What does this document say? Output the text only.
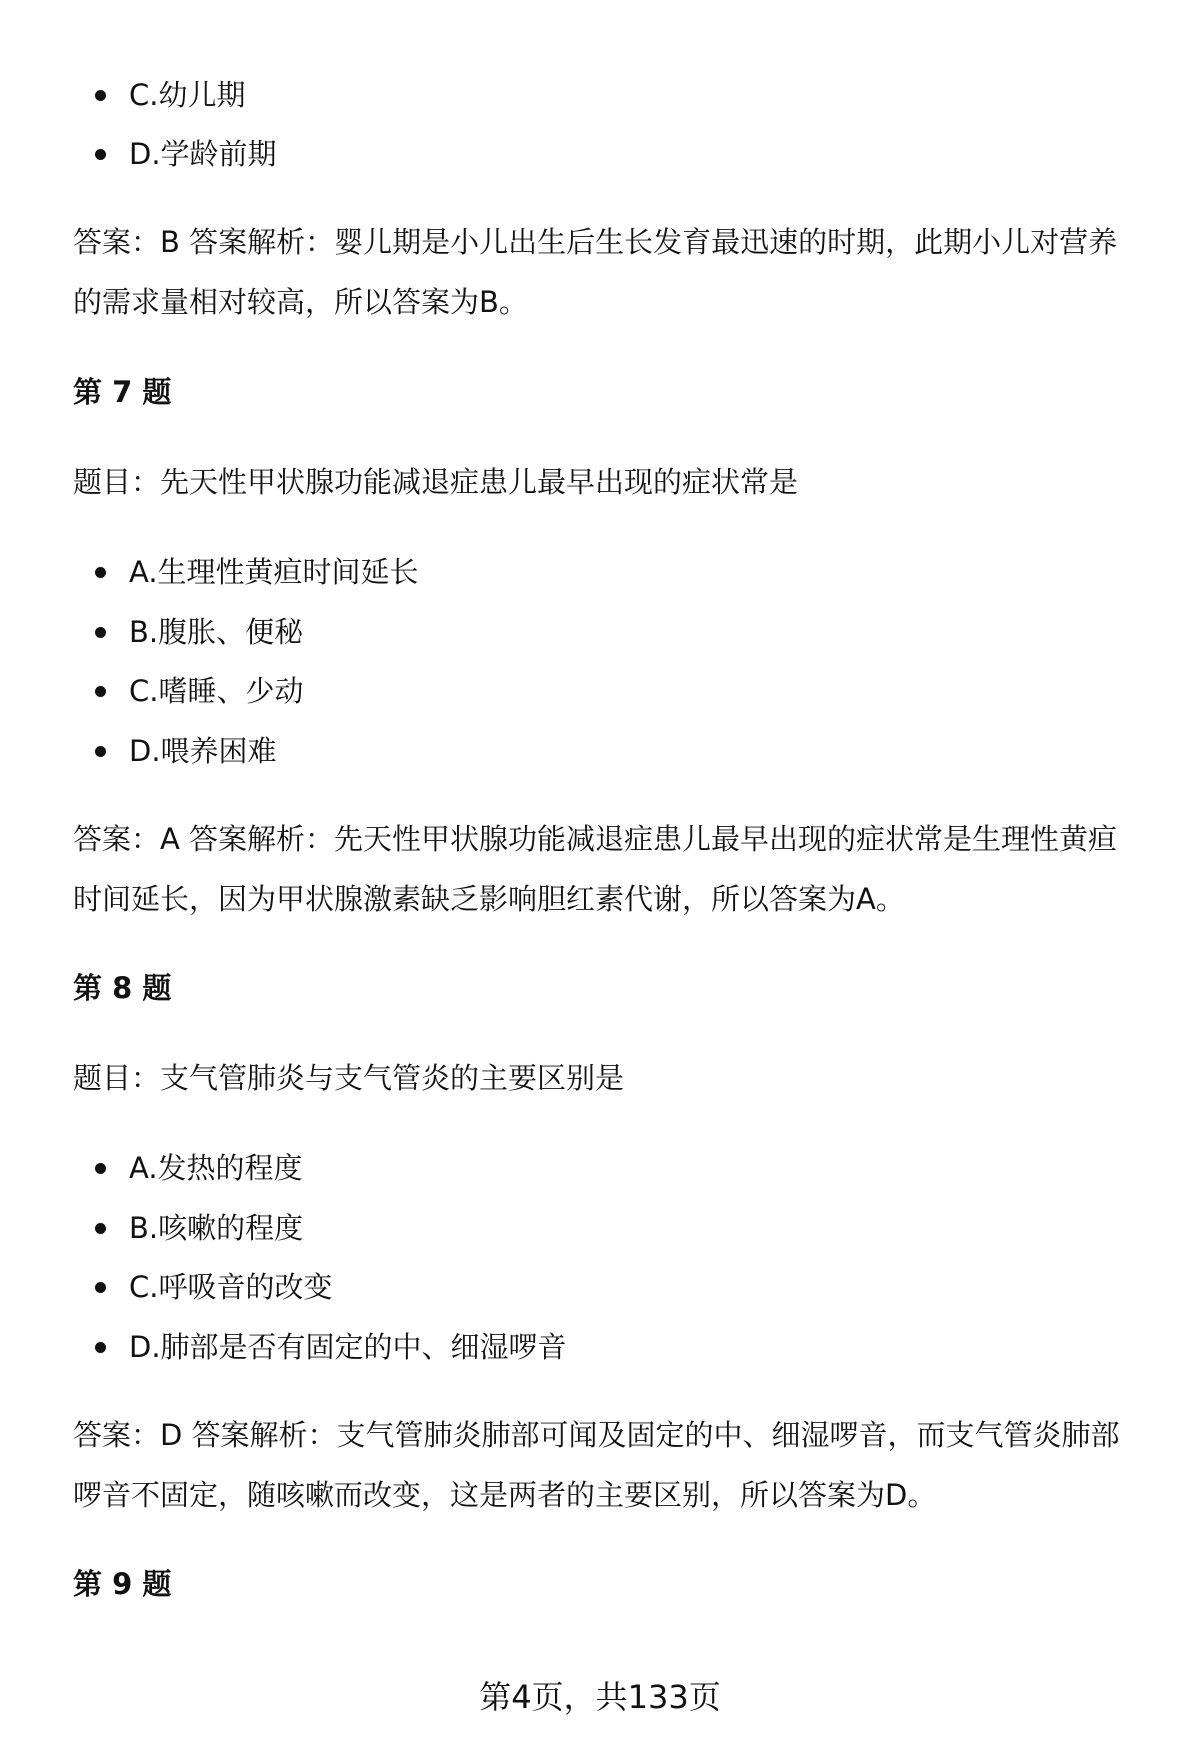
C.幼儿期
D.学龄前期
答案：B 答案解析：婴儿期是小儿出生后生长发育最迅速的时期，此期小儿对营养
的需求量相对较高，所以答案为B。
第 7 题
题目：先天性甲状腺功能减退症患儿最早出现的症状常是
A.生理性黄疸时间延长
B.腹胀、便秘
C.嗜睡、少动
D.喂养困难
答案：A 答案解析：先天性甲状腺功能减退症患儿最早出现的症状常是生理性黄疸
时间延长，因为甲状腺激素缺乏影响胆红素代谢，所以答案为A。
第 8 题
题目：支气管肺炎与支气管炎的主要区别是
A.发热的程度
B.咳嗽的程度
C.呼吸音的改变
D.肺部是否有固定的中、细湿啰音
答案：D 答案解析：支气管肺炎肺部可闻及固定的中、细湿啰音，而支气管炎肺部
啰音不固定，随咳嗽而改变，这是两者的主要区别，所以答案为D。
第 9 题
第4页，共133页
